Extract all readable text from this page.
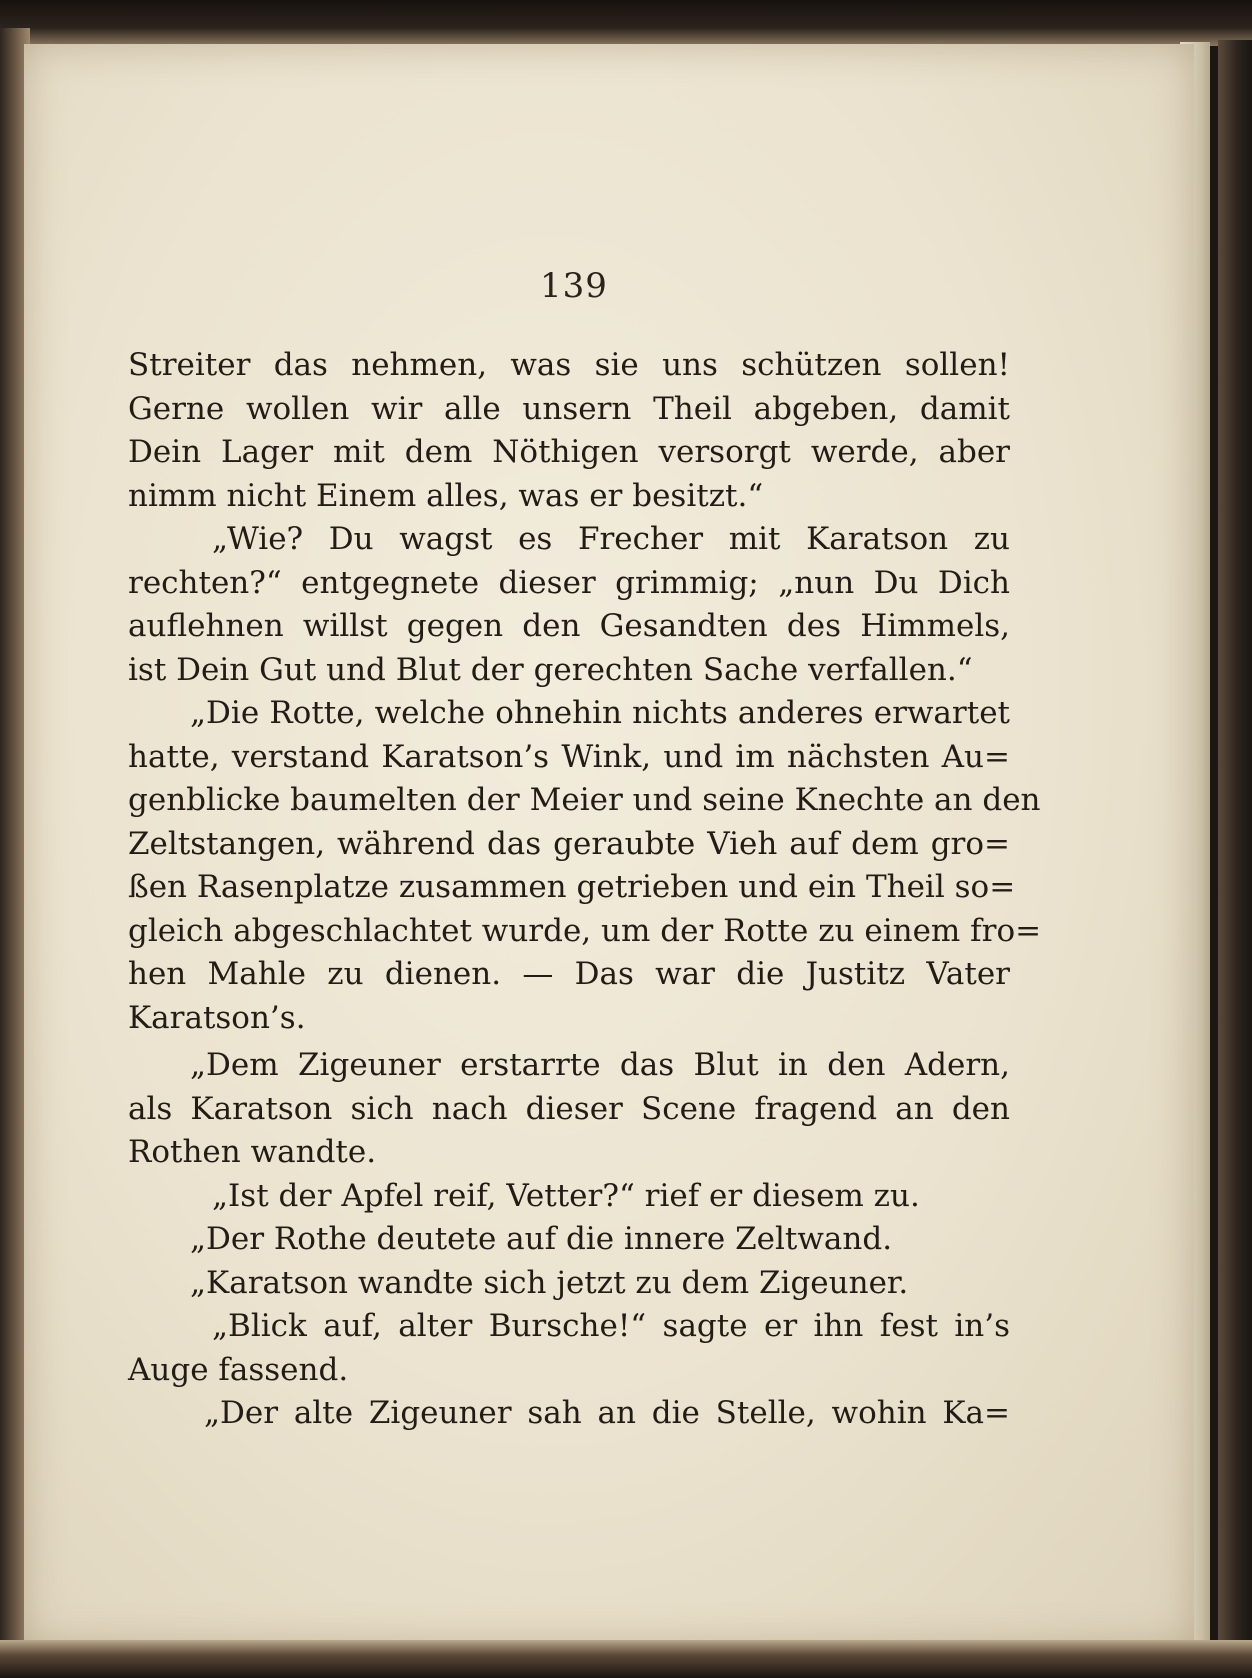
139
Streiter das nehmen, was sie uns schützen sollen!
Gerne wollen wir alle unsern Theil abgeben, damit
Dein Lager mit dem Nöthigen versorgt werde, aber
nimm nicht Einem alles, was er besitzt.“
„Wie? Du wagst es Frecher mit Karatson zu
rechten?“ entgegnete dieser grimmig; „nun Du Dich
auflehnen willst gegen den Gesandten des Himmels,
ist Dein Gut und Blut der gerechten Sache verfallen.“
„Die Rotte, welche ohnehin nichts anderes erwartet
hatte, verstand Karatson’s Wink, und im nächsten Au=
genblicke baumelten der Meier und seine Knechte an den
Zeltstangen, während das geraubte Vieh auf dem gro=
ßen Rasenplatze zusammen getrieben und ein Theil so=
gleich abgeschlachtet wurde, um der Rotte zu einem fro=
hen Mahle zu dienen. — Das war die Justitz Vater
Karatson’s.
„Dem Zigeuner erstarrte das Blut in den Adern,
als Karatson sich nach dieser Scene fragend an den
Rothen wandte.
„Ist der Apfel reif, Vetter?“ rief er diesem zu.
„Der Rothe deutete auf die innere Zeltwand.
„Karatson wandte sich jetzt zu dem Zigeuner.
„Blick auf, alter Bursche!“ sagte er ihn fest in’s
Auge fassend.
„Der alte Zigeuner sah an die Stelle, wohin Ka=
